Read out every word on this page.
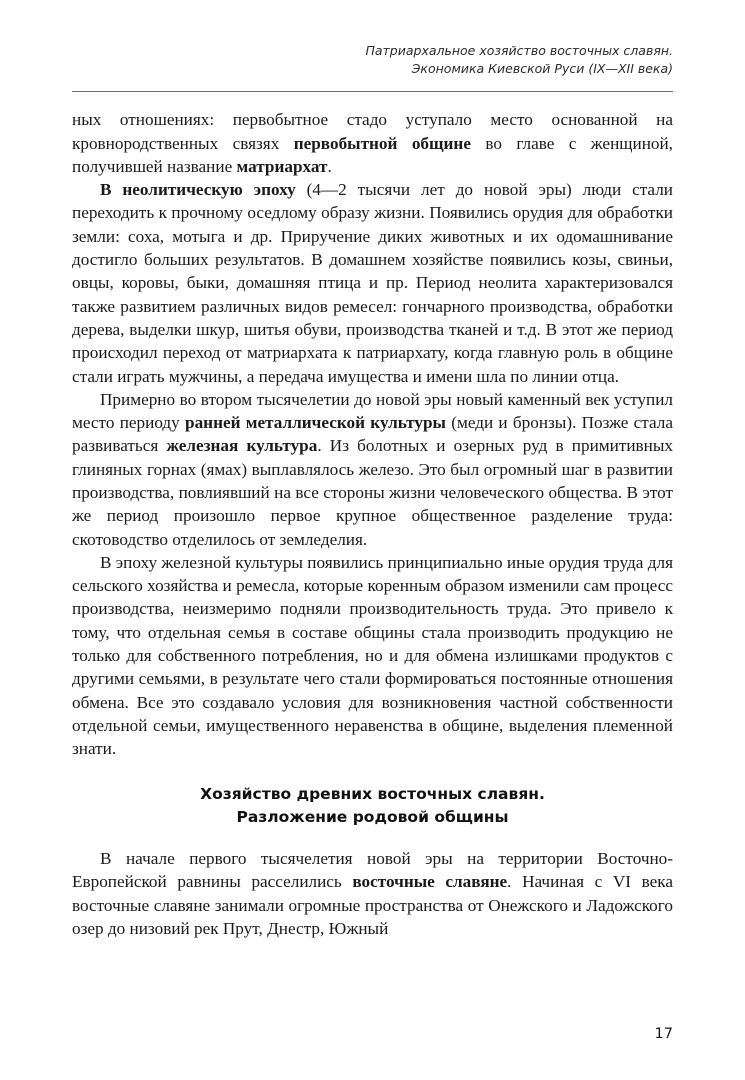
Патриархальное хозяйство восточных славян.
Экономика Киевской Руси (IX—XII века)

ных отношениях: первобытное стадо уступало место основанной на кровнородственных связях первобытной общине во главе с женщиной, получившей название матриархат.

В неолитическую эпоху (4—2 тысячи лет до новой эры) люди стали переходить к прочному оседлому образу жизни. Появились орудия для обработки земли: соха, мотыга и др. Приручение диких животных и их одомашнивание достигло больших результатов. В домашнем хозяйстве появились козы, свиньи, овцы, коровы, быки, домашняя птица и пр. Период неолита характеризовался также развитием различных видов ремесел: гончарного производства, обработки дерева, выделки шкур, шитья обуви, производства тканей и т.д. В этот же период происходил переход от матриархата к патриархату, когда главную роль в общине стали играть мужчины, а передача имущества и имени шла по линии отца.

Примерно во втором тысячелетии до новой эры новый каменный век уступил место периоду ранней металлической культуры (меди и бронзы). Позже стала развиваться железная культура. Из болотных и озерных руд в примитивных глиняных горнах (ямах) выплавлялось железо. Это был огромный шаг в развитии производства, повлиявший на все стороны жизни человеческого общества. В этот же период произошло первое крупное общественное разделение труда: скотоводство отделилось от земледелия.

В эпоху железной культуры появились принципиально иные орудия труда для сельского хозяйства и ремесла, которые коренным образом изменили сам процесс производства, неизмеримо подняли производительность труда. Это привело к тому, что отдельная семья в составе общины стала производить продукцию не только для собственного потребления, но и для обмена излишками продуктов с другими семьями, в результате чего стали формироваться постоянные отношения обмена. Все это создавало условия для возникновения частной собственности отдельной семьи, имущественного неравенства в общине, выделения племенной знати.

Хозяйство древних восточных славян.
Разложение родовой общины

В начале первого тысячелетия новой эры на территории Восточно-Европейской равнины расселились восточные славяне. Начиная с VI века восточные славяне занимали огромные пространства от Онежского и Ладожского озер до низовий рек Прут, Днестр, Южный

17
